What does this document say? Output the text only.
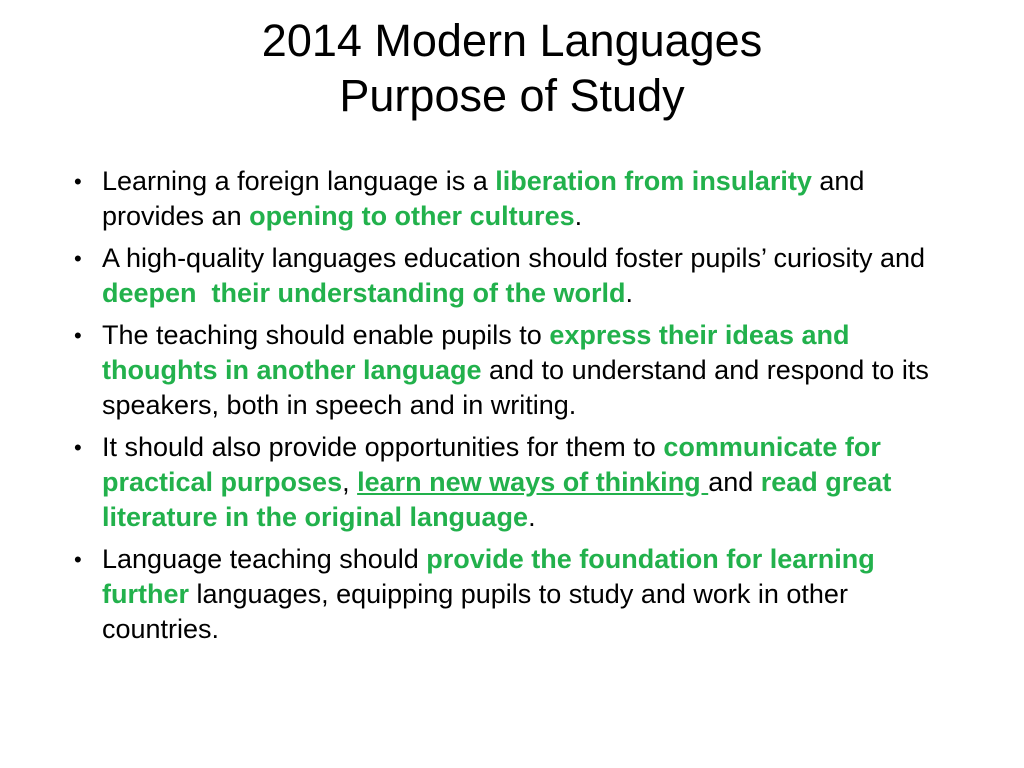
2014 Modern Languages
Purpose of Study
• Learning a foreign language is a liberation from insularity and provides an opening to other cultures.
• A high-quality languages education should foster pupils’ curiosity and deepen  their understanding of the world.
• The teaching should enable pupils to express their ideas and thoughts in another language and to understand and respond to its speakers, both in speech and in writing.
• It should also provide opportunities for them to communicate for practical purposes, learn new ways of thinking and read great literature in the original language.
• Language teaching should provide the foundation for learning further languages, equipping pupils to study and work in other countries.
